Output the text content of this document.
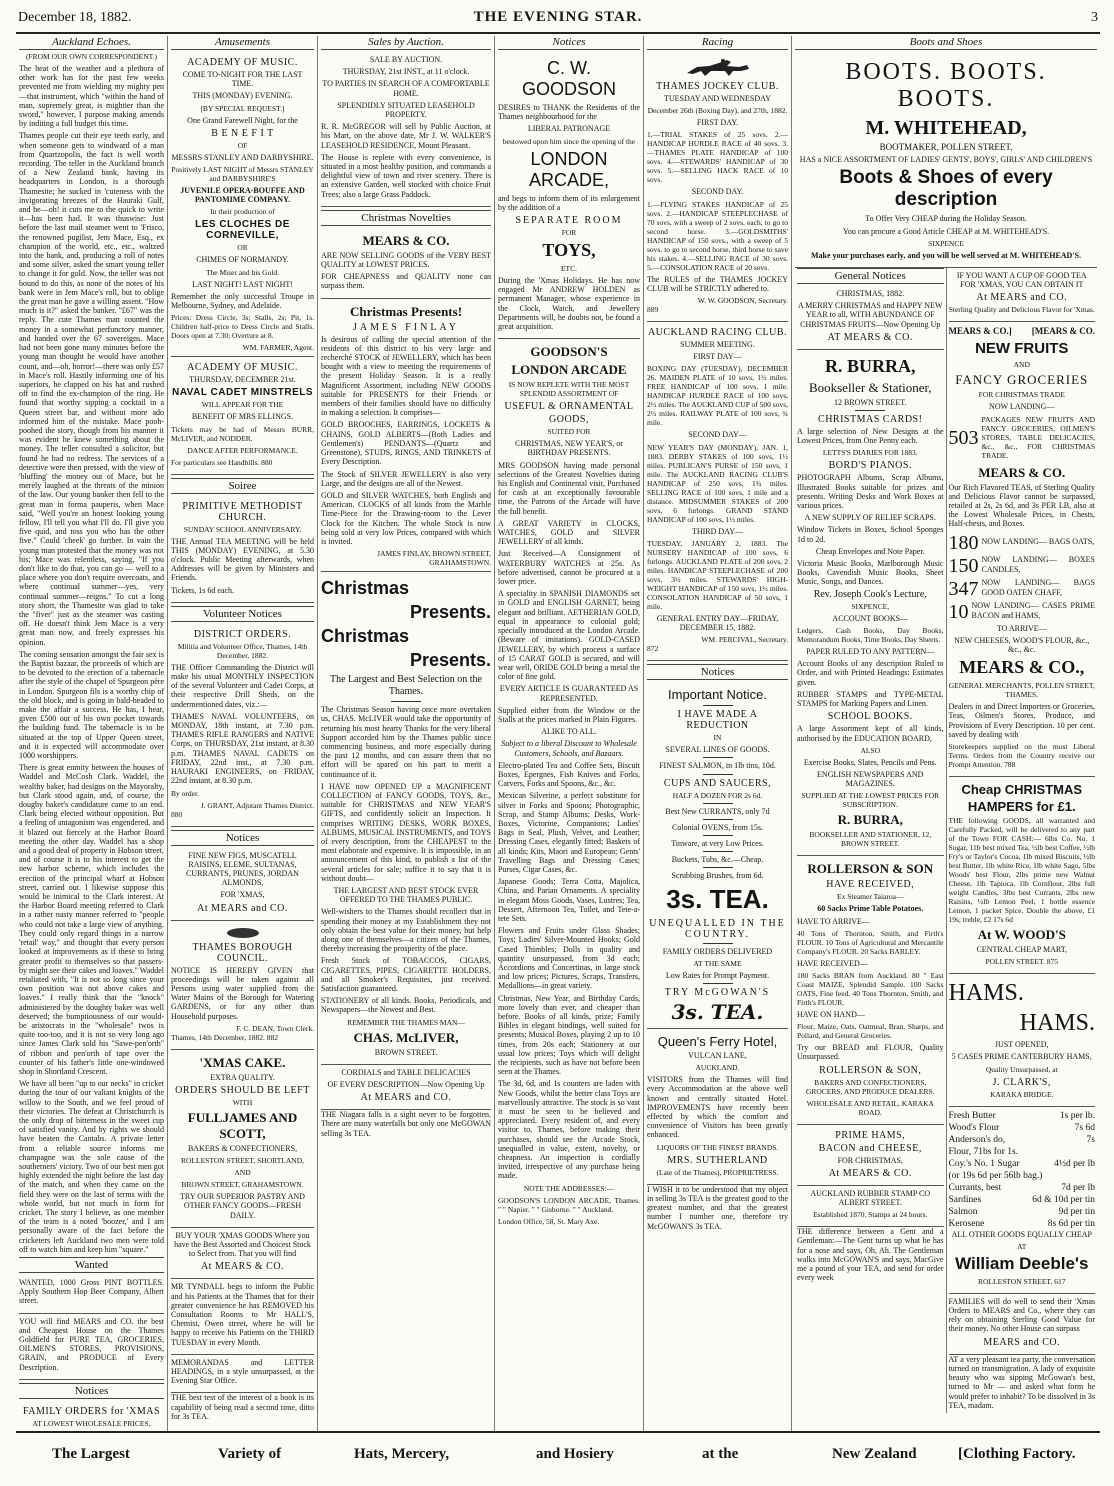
December 18, 1882.	THE EVENING STAR.	3
Auckland Echoes.
(FROM OUR OWN CORRESPONDENT.)
The heat of the weather and a plethora of other work has for the past few weeks prevented me from wielding my mighty pen—that instrument, which "within the hand of man, supremely great, is mightier than the sword," however, I purpose making amends by inditing a full budget this time.
Thames people cut their eye teeth early, and when someone gets to windward of a man from Quartzopolis, the fact is well worth recording. The teller in the Auckland branch of a New Zealand bank, having its headquarters in London, is a thorough Thamesite; he sucked in 'cuteness with the invigorating breezes of the Hauraki Gulf, and he—oh! it cuts me to the quick to write it—has been had. It was thuswise: Just before the last mail steamer went to 'Frisco, the renowned pugilist, Jem Mace, Esq., ex champion of the world, etc., etc., waltzed into the bank, and, producing a roll of notes and some silver, asked the smart young teller to change it for gold. Now, the teller was not bound to do this, as none of the notes of his bank were in Jem Mace's roll, but to oblige the great man he gave a willing assent. "How much is it?" asked the banker. "£67" was the reply. The cute Thames man counted the money in a somewhat perfunctory manner, and handed over the 67 sovereigns. Mace had not been gone many minutes before the young man thought he would have another count, and—oh, horror!—there was only £57 in Mace's roll. Hastily informing one of his superiors, he clapped on his hat and rushed off to find the ex-champion of the ring. He found that worthy sipping a cocktail in a Queen street bar, and without more ado informed him of the mistake. Mace pooh-poohed the story, though from his manner it was evident he knew something about the money. The teller consulted a solicitor, but found he had no redress. The services of a detective were then pressed, with the view of 'bluffing' the money out of Mace, but he merely laughed at the threats of the minion of the law. Our young banker then fell to the great man in forma pauperis, when Mace said, "Well you're an honest looking young fellow, I'll tell you what I'll do. I'll give you five quid, and toss you who has the other five." Could 'cheek' go further. In vain the young man protested that the money was not his; Mace was relentless, saying, "If you don't like to do that, you can go — well to a place where you don't require overcoats, and where continual summer—yes, very continual summer—reigns." To cut a long story short, the Thamesite was glad to take the "fiver" just as the steamer was casting off. He doesn't think Jem Mace is a very great man now, and freely expresses his opinion.
The coming sensation amongst the fair sex is the Baptist bazaar, the proceeds of which are to be devoted to the erection of a tabernacle after the style of the chapel of Spurgeon père in London. Spurgeon fils is a worthy chip of the old block, and is going in bald-headed to make the affair a success. He has, I hear, given £500 out of his own pocket towards the building fund. The tabernacle is to be situated at the top of Upper Queen street, and it is expected will accommodate over 1000 worshippers.
There is great enmity between the houses of Waddel and McCosh Clark. Waddel, the wealthy baker, had designs on the Mayoralty, but Clark stood again, and, of course, the doughy baker's candidature came to an end. Clark being elected without opposition. But a feeling of antagonism was engendered, and it blazed out fiercely at the Harbor Board meeting the other day. Waddel has a shop and a good deal of property in Hobson street, and of course it is to his interest to get the new harbor scheme, which includes the erection of the principal wharf at Hobson street, carried out. I likewise suppose this would be inimical to the Clark interest. At the Harbor Board meeting referred to Clark in a rather nasty manner referred to "people who could not take a large view of anything. They could only regard things in a narrow 'retail' way," and thought that every person looked at improvements as if these to bring greater profit to themselves so that passers-by might see their cakes and loaves." Waddel retaliated with, "It is not so long since your own position was not above cakes and loaves." I really think that the "knock" administered by the doughty baker was well deserved; the bumptiousness of our would-be aristocrats in the "wholesale" twos is quite too-too, and it is not so very long ago since James Clark sold his "Sawe-pen'orth" of ribbon and pen'orth of tape over the counter of his father's little one-windowed shop in Shortland Crescent.
We have all been "up to our necks" in cricket during the tour of our valiant knights of the willow to the South, and we feel proud of their victories. The defeat at Christchurch is the only drop of bitterness in the sweet cup of satisfied vanity. And by rights we should have beaten the Cantabs. A private letter from a reliable source informs me champagne was the sole cause of the southerners' victory. Two of our best men got highly extended the night before the last day of the match, and when they came on the field they were on the last of terms with the whole world, but not much in form for cricket. The story I believe, as one member of the team is a noted 'boozer,' and I am personally aware of the fact before the cricketers left Auckland two men were told off to watch him and keep him "square."
Wanted
WANTED, 1000 Gross PINT BOTTLES. Apply Southern Hop Beer Company, Albert street.
YOU will find MEARS and CO. the best and Cheapest House on the Thames Goldfield for PURE TEA, GROCERIES, OILMEN'S STORES, PROVISIONS, GRAIN, and PRODUCE of Every Description.
Notices
FAMILY ORDERS for 'XMAS
AT LOWEST WHOLESALE PRICES,
Amusements
ACADEMY OF MUSIC.
COME TO-NIGHT FOR THE LAST TIME.
THIS (MONDAY) EVENING.
[BY SPECIAL REQUEST.]
One Grand Farewell Night, for the
B E N E F I T
OF
MESSRS STANLEY AND DARBYSHIRE.
Positively LAST NIGHT of Messrs STANLEY and DARBYSHIRE'S
JUVENILE OPERA-BOUFFE AND PANTOMIME COMPANY.
In their production of
LES CLOCHES DE CORNEVILLE,
OR
CHIMES OF NORMANDY.
The Miser and his Gold.
LAST NIGHT! LAST NIGHT!
Remember the only successful Troupe in Melbourne, Sydney, and Adelaide.
Prices: Dress Circle, 3s; Stalls, 2s; Pit, 1s. Children half-price to Dress Circle and Stalls. Doors open at 7.30; Overture at 8.
WM. FARMER, Agent.
ACADEMY OF MUSIC.
THURSDAY, DECEMBER 21st.
NAVAL CADET MINSTRELS
WILL APPEAR FOR THE
BENEFIT OF MRS ELLINGS.
Tickets may be had of Messrs BURR, McLIVER, and NODDER.
DANCE AFTER PERFORMANCE.
For particulars see Handbills. 880
Soiree
PRIMITIVE METHODIST CHURCH.
SUNDAY SCHOOL ANNIVERSARY.
THE Annual TEA MEETING will be held THIS (MONDAY) EVENING, at 5.30 o'clock. Public Meeting afterwards, when Addresses will be given by Ministers and Friends.
Tickets, 1s 6d each.
Volunteer Notices
DISTRICT ORDERS.
Militia and Volunteer Office, Thames, 14th December, 1882.
THE Officer Commanding the District will make his usual MONTHLY INSPECTION of the several Volunteer and Cadet Corps, at their respective Drill Sheds, on the undermentioned dates, viz.:—
THAMES NAVAL VOLUNTEERS, on MONDAY, 18th instant, at 7.30 p.m. THAMES RIFLE RANGERS and NATIVE Corps, on THURSDAY, 21st instant, at 8.30 p.m. THAMES NAVAL CADETS on FRIDAY, 22nd inst., at 7.30 p.m. HAURAKI ENGINEERS, on FRIDAY, 22nd instant, at 8.30 p.m.
By order.
J. GRANT, Adjutant Thames District.
880
Notices
FINE NEW FIGS, MUSCATELL RAISINS, ELEME, SULTANAS, CURRANTS, PRUNES, JORDAN ALMONDS,
FOR 'XMAS,
At MEARS and CO.
THAMES BOROUGH COUNCIL.
NOTICE IS HEREBY GIVEN that proceedings will be taken against all Persons using water supplied from the Water Mains of the Borough for Watering GARDENS, or for any other than Household purposes.
F. C. DEAN, Town Clerk.
Thames, 14th December, 1882. 882
'XMAS CAKE.
EXTRA QUALITY.
ORDERS SHOULD BE LEFT
WITH
FULLJAMES AND SCOTT,
BAKERS & CONFECTIONERS,
ROLLESTON STREET, SHORTLAND,
AND
BROWN STREET, GRAHAMSTOWN.
TRY OUR SUPERIOR PASTRY AND OTHER FANCY GOODS—FRESH DAILY.
BUY YOUR 'XMAS GOODS Where you have the Best Assorted and Choicest Stock to Select from. That you will find
At MEARS & CO.
MR TYNDALL begs to inform the Public and his Patients at the Thames that for their greater convenience he has REMOVED his Consultation Rooms to Mr HALL'S, Chemist, Owen street, where he will be happy to receive his Patients on the THIRD TUESDAY in every Month.
MEMORANDAS and LETTER HEADINGS, in a style unsurpassed, at the Evening Star Office.
THE best test of the interest of a book is its capability of being read a second time, ditto for 3s TEA.
Sales by Auction.
SALE BY AUCTION.
THURSDAY, 21st INST., at 11 o'clock.
TO PARTIES IN SEARCH OF A COMFORTABLE HOME.
SPLENDIDLY SITUATED LEASEHOLD PROPERTY.
R. R. McGREGOR will sell by Public Auction, at his Mart, on the above date, Mr J. W. WALKER'S LEASEHOLD RESIDENCE, Mount Pleasant.
The House is replete with every convenience, is situated in a most healthy position, and commands a delightful view of town and river scenery. There is an extensive Garden, well stocked with choice Fruit Trees; also a large Grass Paddock.
Christmas Novelties
MEARS & CO.
ARE NOW SELLING GOODS of the VERY BEST QUALITY at LOWEST PRICES.
FOR CHEAPNESS and QUALITY none can surpass them.
Christmas Presents!
JAMES FINLAY
Is desirous of calling the special attention of the residents of this district to his very large and recherché STOCK of JEWELLERY, which has been bought with a view to meeting the requirements of the present Holiday Season. It is a really Magnificent Assortment, including NEW GOODS suitable for PRESENTS for their Friends or members of their families should have no difficulty in making a selection. It comprises—
GOLD BROOCHES, EARRINGS, LOCKETS & CHAINS, GOLD ALBERTS—(Both Ladies and Gentlemen's) PENDANTS—(Quartz and Greenstone), STUDS, RINGS, AND TRINKETS of Every Description.
The Stock of SILVER JEWELLERY is also very Large, and the designs are all of the Newest.
GOLD and SILVER WATCHES, both English and American. CLOCKS of all kinds from the Marble Time-Piece for the Drawing-room to the Lever Clock for the Kitchen. The whole Stock is now being sold at very low Prices, compared with which is invited.
JAMES FINLAY, BROWN STREET, GRAHAMSTOWN.
Christmas
Presents.
Christmas
Presents.
The Largest and Best Selection on the Thames.
The Christmas Season having once more overtaken us, CHAS. McLIVER would take the opportunity of returning his most hearty Thanks for the very liberal Support accorded him by the Thames public since commencing business, and more especially during the past 12 months, and can assure them that no effort will be spared on his part to merit a continuance of it.
I HAVE now OPENED UP a MAGNIFICENT COLLECTION of FANCY GOODS, TOYS, &c., suitable for CHRISTMAS and NEW YEAR'S GIFTS, and confidently solicit an Inspection. It comprises WRITING DESKS, WORK BOXES, ALBUMS, MUSICAL INSTRUMENTS, and TOYS of every description, from the CHEAPEST to the most elaborate and expensive. It is impossible, in an announcement of this kind, to publish a list of the several articles for sale; suffice it to say that it is without doubt—
THE LARGEST AND BEST STOCK EVER OFFERED TO THE THAMES PUBLIC.
Well-wishers to the Thames should recollect that in spending their money at my Establishment they not only obtain the best value for their money, but help along one of themselves—a citizen of the Thames, thereby increasing the prosperity of the place.
Fresh Stock of TOBACCOS, CIGARS, CIGARETTES, PIPES, CIGARETTE HOLDERS, and all Smoker's Requisites, just received. Satisfaction guaranteed.
STATIONERY of all kinds. Books, Periodicals, and Newspapers—the Newest and Best.
REMEMBER THE THAMES MAN—
CHAS. McLIVER,
BROWN STREET.
CORDIALS and TABLE DELICACIES
OF EVERY DESCRIPTION—Now Opening Up
At MEARS and CO.
THE Niagara falls is a sight never to be forgotten. There are many waterfalls but only one McGOWAN selling 3s TEA.
Notices
C. W. GOODSON
DESIRES to THANK the Residents of the Thames neighbourhood for the
LIBERAL PATRONAGE
bestowed upon him since the opening of the
LONDON ARCADE,
and begs to inform them of its enlargement by the addition of a
SEPARATE ROOM
FOR
TOYS,
ETC.
During the 'Xmas Holidays. He has now engaged Mr ANDREW HOLDEN as permanent Manager, whose experience in the Clock, Watch, and Jewellery Departments will, he doubts not, be found a great acquisition.
GOODSON'S
LONDON ARCADE
IS NOW REPLETE WITH THE MOST SPLENDID ASSORTMENT OF
USEFUL & ORNAMENTAL
GOODS,
SUITED FOR
CHRISTMAS, NEW YEAR'S, or BIRTHDAY PRESENTS.
MRS GOODSON having made personal selections of the Greatest Novelties during his English and Continental visit, Purchased for cash at an exceptionally favourable time, the Patrons of the Arcade will have the full benefit.
A GREAT VARIETY in CLOCKS, WATCHES, GOLD and SILVER JEWELLERY of all kinds.
Just Received—A Consignment of WATERBURY WATCHES at 25s. As before advertised, cannot be procured at a lower price.
A speciality in SPANISH DIAMONDS set in GOLD and ENGLISH GARNET, being elegant and brilliant. AETHERIAN GOLD, equal in appearance to colonial gold; specially introduced at the London Arcade. (Beware of imitations). GOLD-CASED JEWELLERY, by which process a surface of 15 CARAT GOLD is secured, and will wear well, ORIDE GOLD being a metal the color of fine gold.
EVERY ARTICLE IS GUARANTEED AS REPRESENTED.
Supplied either from the Window or the Stalls at the prices marked in Plain Figures.
ALIKE TO ALL.
Subject to a liberal Discount to Wholesale Customers, Schools, and Bazaars.
Electro-plated Tea and Coffee Sets, Biscuit Boxes, Epergnes, Fish Knives and Forks, Carvers, Forks and Spoons, &c., &c.
Mexican Silverine, a perfect substitute for silver in Forks and Spoons; Photographic, Scrap, and Stamp Albums; Desks, Work-Boxes, Victorine, Companions; Ladies' Bags in Seal, Plush, Velvet, and Leather; Dressing Cases, elegantly fitted; Baskets of all kinds; Kits, Maori and European; Gents' Travelling Bags and Dressing Cases; Purses, Cigar Cases, &c.
Japanese Goods; Terra Cotta, Majolica, China, and Parian Ornaments. A speciality in elegant Moss Goods, Vases, Lustres; Tea, Dessert, Afternoon Tea, Toilet, and Tete-a-tete Sets.
Flowers and Fruits under Glass Shades; Toys; Ladies' Silver-Mounted Hooks; Gold Cased Thimbles; Dolls in quality and quantity unsurpassed, from 3d each; Accordions and Concertinas, in large stock and low prices; Pictures, Scraps, Transfers, Medallions—in great variety.
Christmas, New Year, and Birthday Cards, more lovely than ever, and cheaper than before. Books of all kinds, prize; Family Bibles in elegant bindings, well suited for presents; Musical Boxes, playing 2 up to 10 times, from 20s each; Stationery at our usual low prices; Toys which will delight the recipients, such as have not before been seen at the Thames.
The 3d, 6d, and 1s counters are laden with New Goods, whilst the better class Toys are marvellously attractive. The stock is so vast it must be seen to be believed and appreciated. Every resident of, and every visitor to, Thames, before making their purchases, should see the Arcade Stock, unequalled in value, extent, novelty, or cheapness. An inspection is cordially invited, irrespective of any purchase being made.
NOTE THE ADDRESSES:—
GOODSON'S LONDON ARCADE, Thames. " " Napier. " " Gisborne. " " Auckland.
London Office, 58, St. Mary Axe.
Racing
THAMES JOCKEY CLUB.
TUESDAY AND WEDNESDAY
December 26th (Boxing Day), and 27th, 1882.
FIRST DAY.
1.—TRIAL STAKES of 25 sovs. 2.—HANDICAP HURDLE RACE of 40 sovs. 3.—THAMES PLATE HANDICAP of 100 sovs. 4.—STEWARDS' HANDICAP of 30 sovs. 5.—SELLING HACK RACE of 10 sovs.
SECOND DAY.
1.—FLYING STAKES HANDICAP of 25 sovs. 2.—HANDICAP STEEPLECHASE of 70 sovs, with a sweep of 2 sovs. each, to go to second horse. 3.—GOLDSMITHS' HANDICAP of 150 sovs., with a sweep of 5 sovs. to go to second horse, third horse to save his stakes. 4.—SELLING RACE of 30 sovs. 5.—CONSOLATION RACE of 20 sovs.
The RULES of the THAMES JOCKEY CLUB will be STRICTLY adhered to.
W. W. GOODSON, Secretary.
889
AUCKLAND RACING CLUB.
SUMMER MEETING.
FIRST DAY—
BOXING DAY (TUESDAY), DECEMBER 26. MAIDEN PLATE of 10 sovs, 1½ miles. FREE HANDICAP of 100 sovs, 1 mile. HANDICAP HURDLE RACE of 100 sovs, 2½ miles. The AUCKLAND CUP of 500 sovs, 2½ miles. RAILWAY PLATE of 100 sovs, ¾ mile.
SECOND DAY—
NEW YEAR'S DAY (MONDAY), JAN. 1, 1883. DERBY STAKES of 100 sovs, 1½ miles. PUBLICAN'S PURSE of 150 sovs, 1 mile. The AUCKLAND RACING CLUB'S HANDICAP of 250 sovs, 1¾ miles. SELLING RACE of 100 sovs, 1 mile and a distance. MIDSUMMER STAKES of 200 sovs, 6 furlongs. GRAND STAND HANDICAP of 100 sovs, 1½ miles.
THIRD DAY—
TUESDAY, JANUARY 2, 1883. The NURSERY HANDICAP of 100 sovs, 6 furlongs. AUCKLAND PLATE of 200 sovs, 2 miles. HANDICAP STEEPLECHASE of 200 sovs, 3½ miles. STEWARDS' HIGH-WEIGHT HANDICAP of 150 sovs, 1½ miles. CONSOLATION HANDICAP of 50 sovs, 1 mile.
GENERAL ENTRY DAY—FRIDAY, DECEMBER 15, 1882.
WM. PERCIVAL, Secretary.
872
Notices
Important Notice.
I HAVE MADE A REDUCTION
IN
SEVERAL LINES OF GOODS.
FINEST SALMON, in 1lb tins, 10d.
CUPS AND SAUCERS,
HALF A DOZEN FOR 2s 6d.
Best New CURRANTS, only 7d
Colonial OVENS, from 15s.
Tinware, at very Low Prices.
Buckets, Tubs, &c.—Cheap.
Scrubbing Brushes, from 6d.
3s. TEA.
UNEQUALLED IN THE COUNTRY.
FAMILY ORDERS DELIVERED
AT THE SAME
Low Rates for Prompt Payment.
TRY McGOWAN'S
3s. TEA.
Queen's Ferry Hotel,
VULCAN LANE,
AUCKLAND.
VISITORS from the Thames will find every Accommodation at the above well known and centrally situated Hotel. IMPROVEMENTS have recently been effected by which the comfort and convenience of Visitors has been greatly enhanced.
LIQUORS OF THE FINEST BRANDS.
MRS. SUTHERLAND
(Late of the Thames), PROPRIETRESS.
I WISH it to be understood that my object in selling 3s TEA is the greatest good to the greatest number, and that the greatest number I number one, therefore try McGOWAN'S 3s TEA.
Boots and Shoes
BOOTS. BOOTS. BOOTS.
M. WHITEHEAD,
BOOTMAKER, POLLEN STREET,
HAS a NICE ASSORTMENT OF LADIES' GENTS', BOYS', GIRLS' AND CHILDREN'S
Boots & Shoes of every description
To Offer Very CHEAP during the Holiday Season.
You can procure a Good Article CHEAP at M. WHITEHEAD'S.
SIXPENCE
Make your purchases early, and you will be well served at M. WHITEHEAD'S.
General Notices
CHRISTMAS, 1882.
A MERRY CHRISTMAS and HAPPY NEW YEAR to all, WITH ABUNDANCE OF CHRISTMAS FRUITS—Now Opening Up
AT MEARS & CO.
R. BURRA,
Bookseller & Stationer,
12 BROWN STREET.
CHRISTMAS CARDS!
A large selection of New Designs at the Lowest Prices, from One Penny each.
LETTS'S DIARIES FOR 1883.
BORD'S PIANOS.
PHOTOGRAPH Albums, Scrap Albums, Illustrated Books suitable for prizes and presents. Writing Desks and Work Boxes at various prices.
A NEW SUPPLY OF RELIEF SCRAPS.
Window Tickets in Boxes, School Sponges 1d to 2d.
Cheap Envelopes and Note Paper.
Victoria Music Books, Marlborough Music Books, Cavendish Music Books, Sheet Music, Songs, and Dances.
Rev. Joseph Cook's Lecture,
SIXPENCE,
ACCOUNT BOOKS—
Ledgers, Cash Books, Day Books, Memorandum Books, Time Books, Day Sheets.
PAPER RULED TO ANY PATTERN—
Account Books of any description Ruled to Order, and with Printed Headings: Estimates given.
RUBBER STAMPS and TYPE-METAL STAMPS for Marking Papers and Linen.
SCHOOL BOOKS.
A large Assortment kept of all kinds, authorised by the EDUCATION BOARD,
ALSO
Exercise Books, Slates, Pencils and Pens.
ENGLISH NEWSPAPERS AND MAGAZINES.
SUPPLIED AT THE LOWEST PRICES FOR SUBSCRIPTION.
R. BURRA,
BOOKSELLER AND STATIONER, 12, BROWN STREET.
ROLLERSON & SON
HAVE RECEIVED,
Ex Steamer Taiaroa—
60 Sacks Prime Table Potatoes.
HAVE TO ARRIVE—
40 Tons of Thornton, Smith, and Firth's FLOUR. 10 Tons of Agricultural and Mercantile Company's FLOUR. 20 Sacks BARLEY.
HAVE RECEIVED—
180 Sacks BRAN from Auckland. 80 " East Coast MAIZE, Splendid Sample. 100 Sacks OATS, Fine feed. 40 Tons Thornton, Smith, and Firth's FLOUR.
HAVE ON HAND—
Flour, Maize, Oats, Oatmeal, Bran, Sharps, and Pollard, and General Groceries.
Try our BREAD and FLOUR, Quality Unsurpassed.
ROLLERSON & SON,
BAKERS AND CONFECTIONERS, GROCERS, AND PRODUCE DEALERS.
WHOLESALE AND RETAIL, KARAKA ROAD.
PRIME HAMS,
BACON and CHEESE,
FOR CHRISTMAS,
At MEARS & CO.
AUCKLAND RUBBER STAMP CO ALBERT STREET.
Established 1870. Stamps at 24 hours.
THE difference between a Gent and a Gentleman:—The Gent turns up what he has for a nose and says, Oh, Ah. The Gentleman walks into McGOWAN'S and says, MacGive me a pound of your TEA, and send for order every week
IF YOU WANT A CUP OF GOOD TEA FOR 'XMAS, YOU CAN OBTAIN IT
At MEARS and CO.
Sterling Quality and Delicious Flavor for 'Xmas.
MEARS & CO.] [MEARS & CO.
NEW FRUITS
AND
FANCY GROCERIES
FOR CHRISTMAS TRADE
NOW LANDING—
503
PACKAGES NEW FRUITS AND FANCY GROCERIES, OILMEN'S STORES, TABLE DELICACIES, &c., &c., FOR CHRISTMAS TRADE.
MEARS & CO.
Our Rich Flavored TEAS, of Sterling Quality and Delicious Flavor cannot be surpassed, retailed at 2s, 2s 6d, and 3s PER LB, also at the Lowest Wholesale Prices, in Chests, Half-chests, and Boxes.
180 NOW LANDING— BAGS OATS,
150 NOW LANDING— BOXES CANDLES,
347 NOW LANDING— BAGS GOOD OATEN CHAFF,
10 NOW LANDING— CASES PRIME BACON and HAMS,
TO ARRIVE—
NEW CHEESES, WOOD'S FLOUR, &c., &c., &c.
MEARS & CO.,
GENERAL MERCHANTS, POLLEN STREET, THAMES.
Dealers in and Direct Importers or Groceries, Teas, Oilmen's Stores, Produce, and Provisions of Every Description. 10 per cent. saved by dealing with
Storekeepers supplied on the most Liberal Terms. Orders from the Country receive our Prompt Attention. 788
Cheap CHRISTMAS
HAMPERS for £1.
THE following GOODS, all warranted and Carefully Packed, will be delivered to any part of the Town FOR CASH:— 6lbs Co. No. 1 Sugar, 11b best mixed Tea, ½lb best Coffee, ½lb Fry's or Taylor's Cocoa, 1lb mixed Biscuits, ½lb best Butter, 1lb white Rice, 1lb white Sago, 5lbs Woods' best Flour, 2lbs prime new Walnut Cheese, 1lb Tapioca, 1lb Cornflour, 2lbs full weight Candles, 3lbs best Currants, 2lbs new Raisins, ½lb Lemon Peel, 1 bottle essence Lemon, 1 packet Spice. Double the above, £1 19s; treble, £2 17s 6d
At W. WOOD'S
CENTRAL CHEAP MART,
POLLEN STREET. 875
HAMS.
HAMS.
JUST OPENED,
5 CASES PRIME CANTERBURY HAMS,
Quality Unsurpassed, at
J. CLARK'S,
KARAKA BRIDGE.
Fresh Butter	1s per lb.
Wood's Flour	7s 6d
Anderson's do,	7s
Flour, 71bs for 1s.
Coy.'s No. 1 Sugar	4½d per lb
(or 19s 6d per 56lb bag.)
Currants, best	7d per lb
Sardines	6d & 10d per tin
Salmon	9d per tin
Kerosene	8s 6d per tin
ALL OTHER GOODS EQUALLY CHEAP
AT
William Deeble's
ROLLESTON STREET. 617
FAMILIES will do well to send their 'Xmas Orders to MEARS and Co., where they can rely on obtaining Sterling Good Value for their money. No other House can surpass
MEARS and CO.
AT a very pleasant tea party, the conversation turned on transmigration. A lady of exquisite beauty who was sipping McGowan's best, turned to Mr — and asked what form he would prefer to inhabit? To be dissolved in 3s TEA, madam.
The Largest	Variety of	Hats, Mercery,	and Hosiery	at the	New Zealand	[Clothing Factory.
